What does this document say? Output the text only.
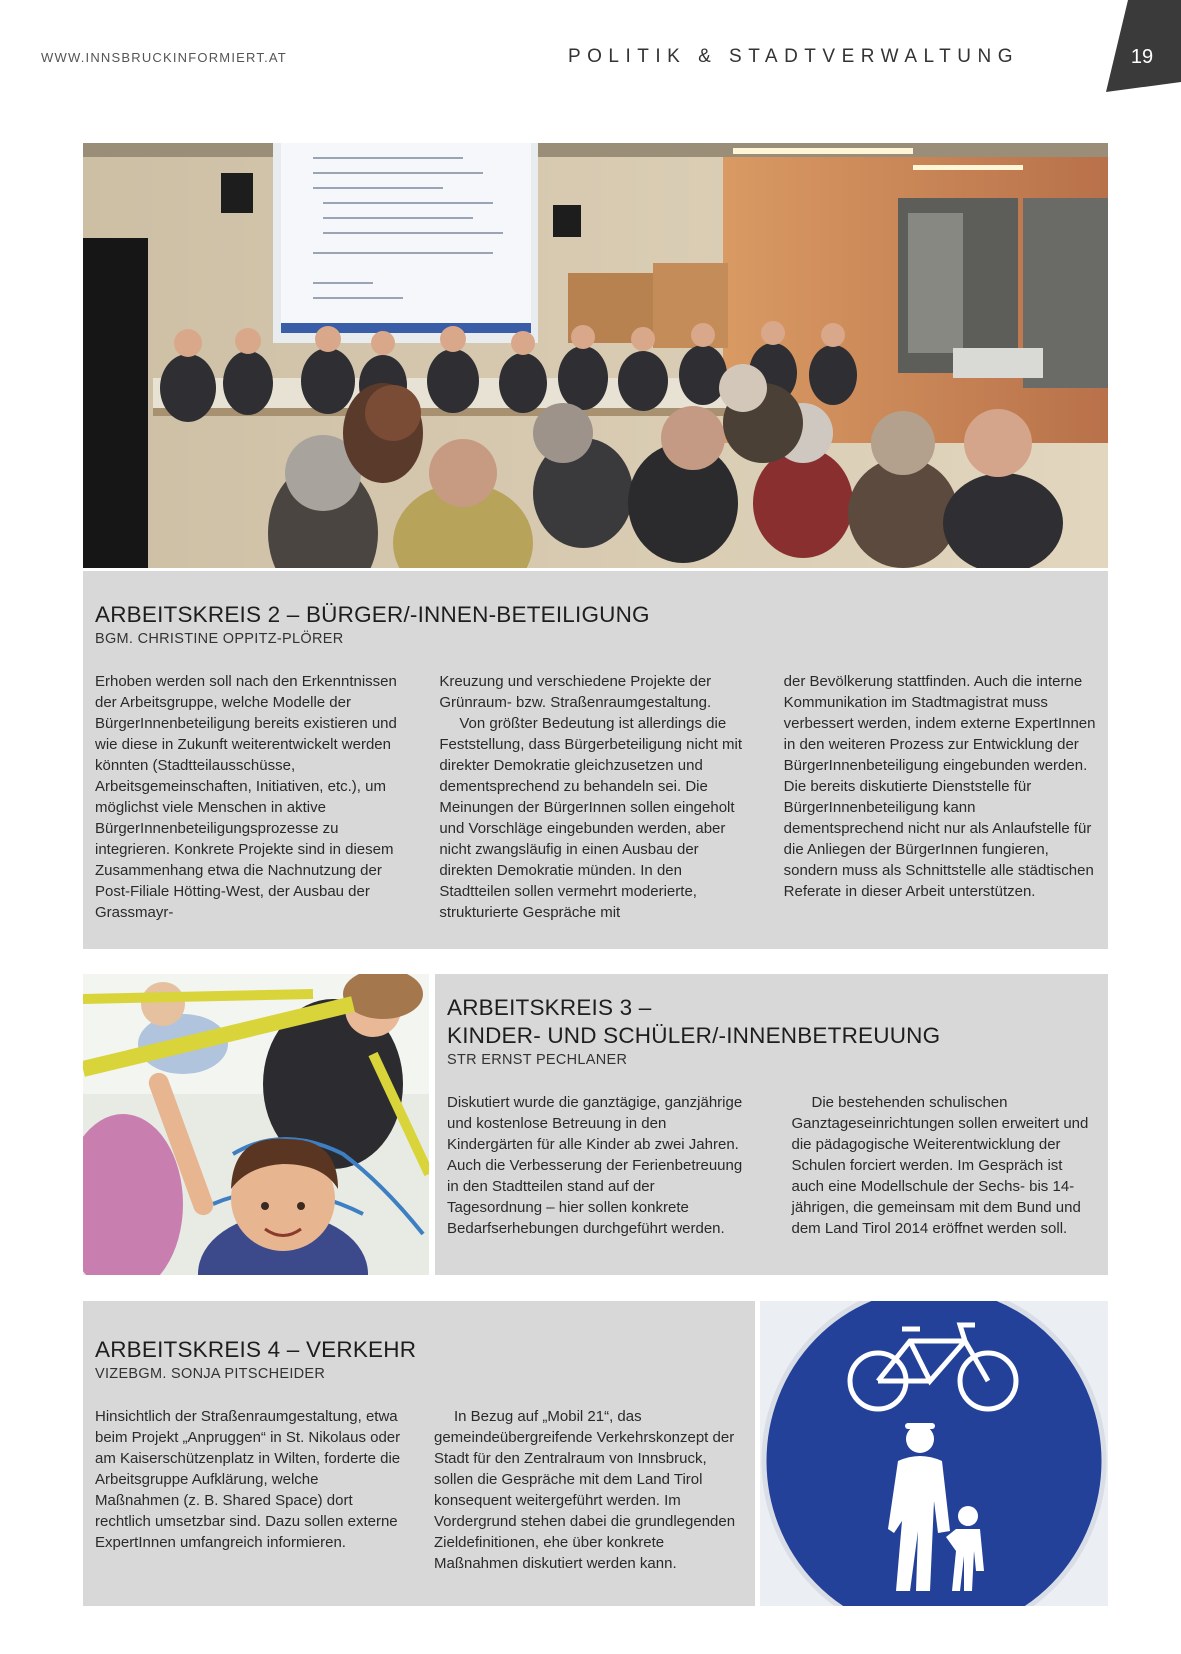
WWW.INNSBRUCKINFORMIERT.AT	POLITIK & STADTVERWALTUNG	19
ARBEITSKREIS 2 – BÜRGER/-INNEN-BETEILIGUNG
BGM. CHRISTINE OPPITZ-PLÖRER

Erhoben werden soll nach den Erkenntnissen der Arbeitsgruppe, welche Modelle der BürgerInnenbeteiligung bereits existieren und wie diese in Zukunft weiterentwickelt werden könnten (Stadtteilausschüsse, Arbeitsgemeinschaften, Initiativen, etc.), um möglichst viele Menschen in aktive BürgerInnenbeteiligungsprozesse zu integrieren. Konkrete Projekte sind in diesem Zusammenhang etwa die Nachnutzung der Post-Filiale Hötting-West, der Ausbau der Grassmayr-

Kreuzung und verschiedene Projekte der Grünraum- bzw. Straßenraumgestaltung.

Von größter Bedeutung ist allerdings die Feststellung, dass Bürgerbeteiligung nicht mit direkter Demokratie gleichzusetzen und dementsprechend zu behandeln sei. Die Meinungen der BürgerInnen sollen eingeholt und Vorschläge eingebunden werden, aber nicht zwangsläufig in einen Ausbau der direkten Demokratie münden. In den Stadtteilen sollen vermehrt moderierte, strukturierte Gespräche mit

der Bevölkerung stattfinden. Auch die interne Kommunikation im Stadtmagistrat muss verbessert werden, indem externe ExpertInnen in den weiteren Prozess zur Entwicklung der BürgerInnenbeteiligung eingebunden werden. Die bereits diskutierte Dienststelle für BürgerInnenbeteiligung kann dementsprechend nicht nur als Anlaufstelle für die Anliegen der BürgerInnen fungieren, sondern muss als Schnittstelle alle städtischen Referate in dieser Arbeit unterstützen.

ARBEITSKREIS 3 –
KINDER- UND SCHÜLER/-INNENBETREUUNG
STR ERNST PECHLANER

Diskutiert wurde die ganztägige, ganzjährige und kostenlose Betreuung in den Kindergärten für alle Kinder ab zwei Jahren. Auch die Verbesserung der Ferienbetreuung in den Stadtteilen stand auf der Tagesordnung – hier sollen konkrete Bedarfserhebungen durchgeführt werden.

Die bestehenden schulischen Ganztageseinrichtungen sollen erweitert und die pädagogische Weiterentwicklung der Schulen forciert werden. Im Gespräch ist auch eine Modellschule der Sechs- bis 14-jährigen, die gemeinsam mit dem Bund und dem Land Tirol 2014 eröffnet werden soll.

ARBEITSKREIS 4 – VERKEHR
VIZEBGM. SONJA PITSCHEIDER

Hinsichtlich der Straßenraumgestaltung, etwa beim Projekt „Anpruggen“ in St. Nikolaus oder am Kaiserschützenplatz in Wilten, forderte die Arbeitsgruppe Aufklärung, welche Maßnahmen (z. B. Shared Space) dort rechtlich umsetzbar sind. Dazu sollen externe ExpertInnen umfangreich informieren.

In Bezug auf „Mobil 21“, das gemeindeübergreifende Verkehrskonzept der Stadt für den Zentralraum von Innsbruck, sollen die Gespräche mit dem Land Tirol konsequent weitergeführt werden. Im Vordergrund stehen dabei die grundlegenden Zieldefinitionen, ehe über konkrete Maßnahmen diskutiert werden kann.
